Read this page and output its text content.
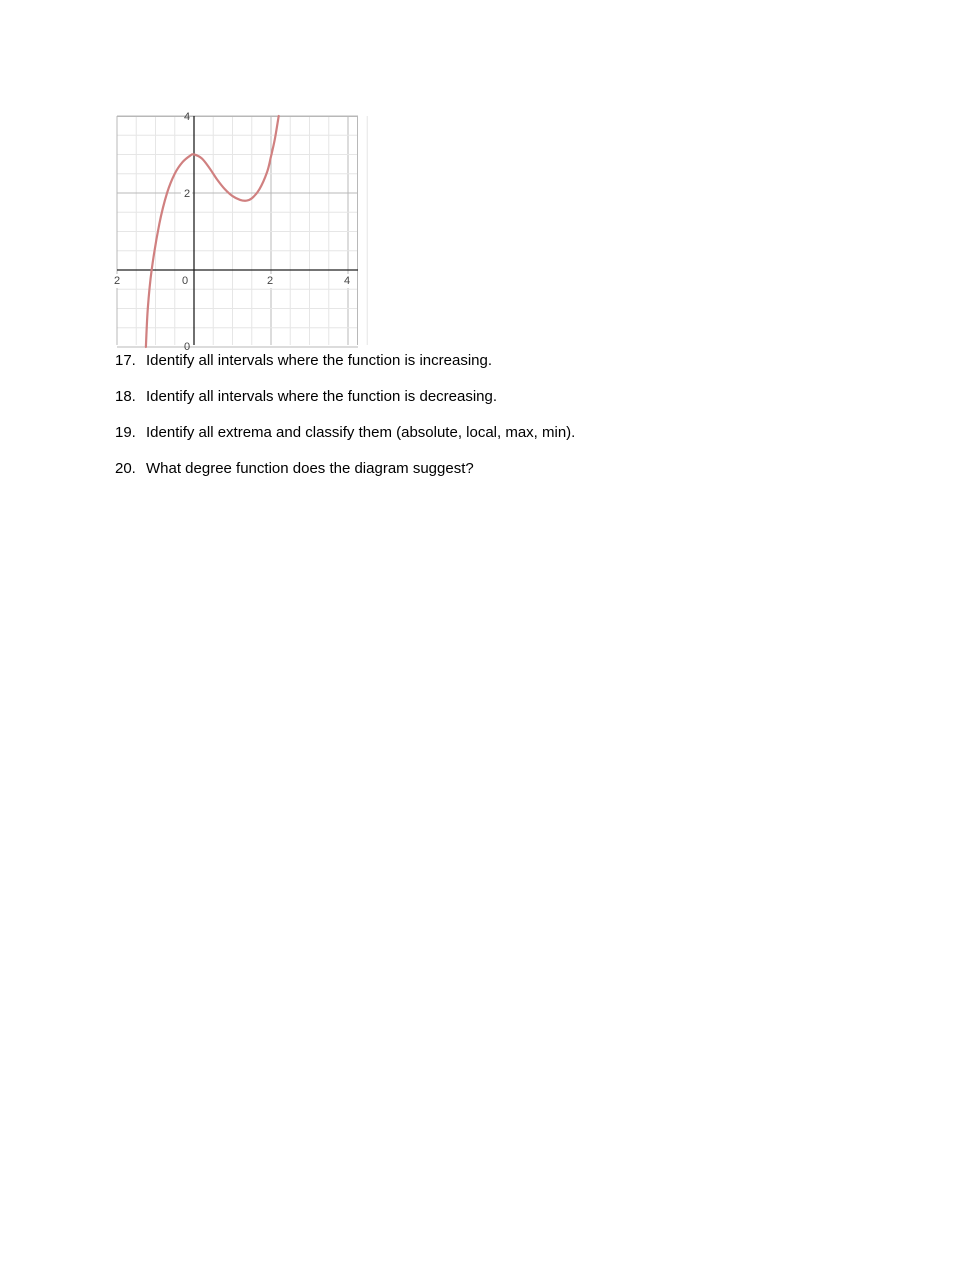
2	0	2	4
4
2
0
17. Identify all intervals where the function is increasing.
18. Identify all intervals where the function is decreasing.
19. Identify all extrema and classify them (absolute, local, max, min).
20. What degree function does the diagram suggest?
